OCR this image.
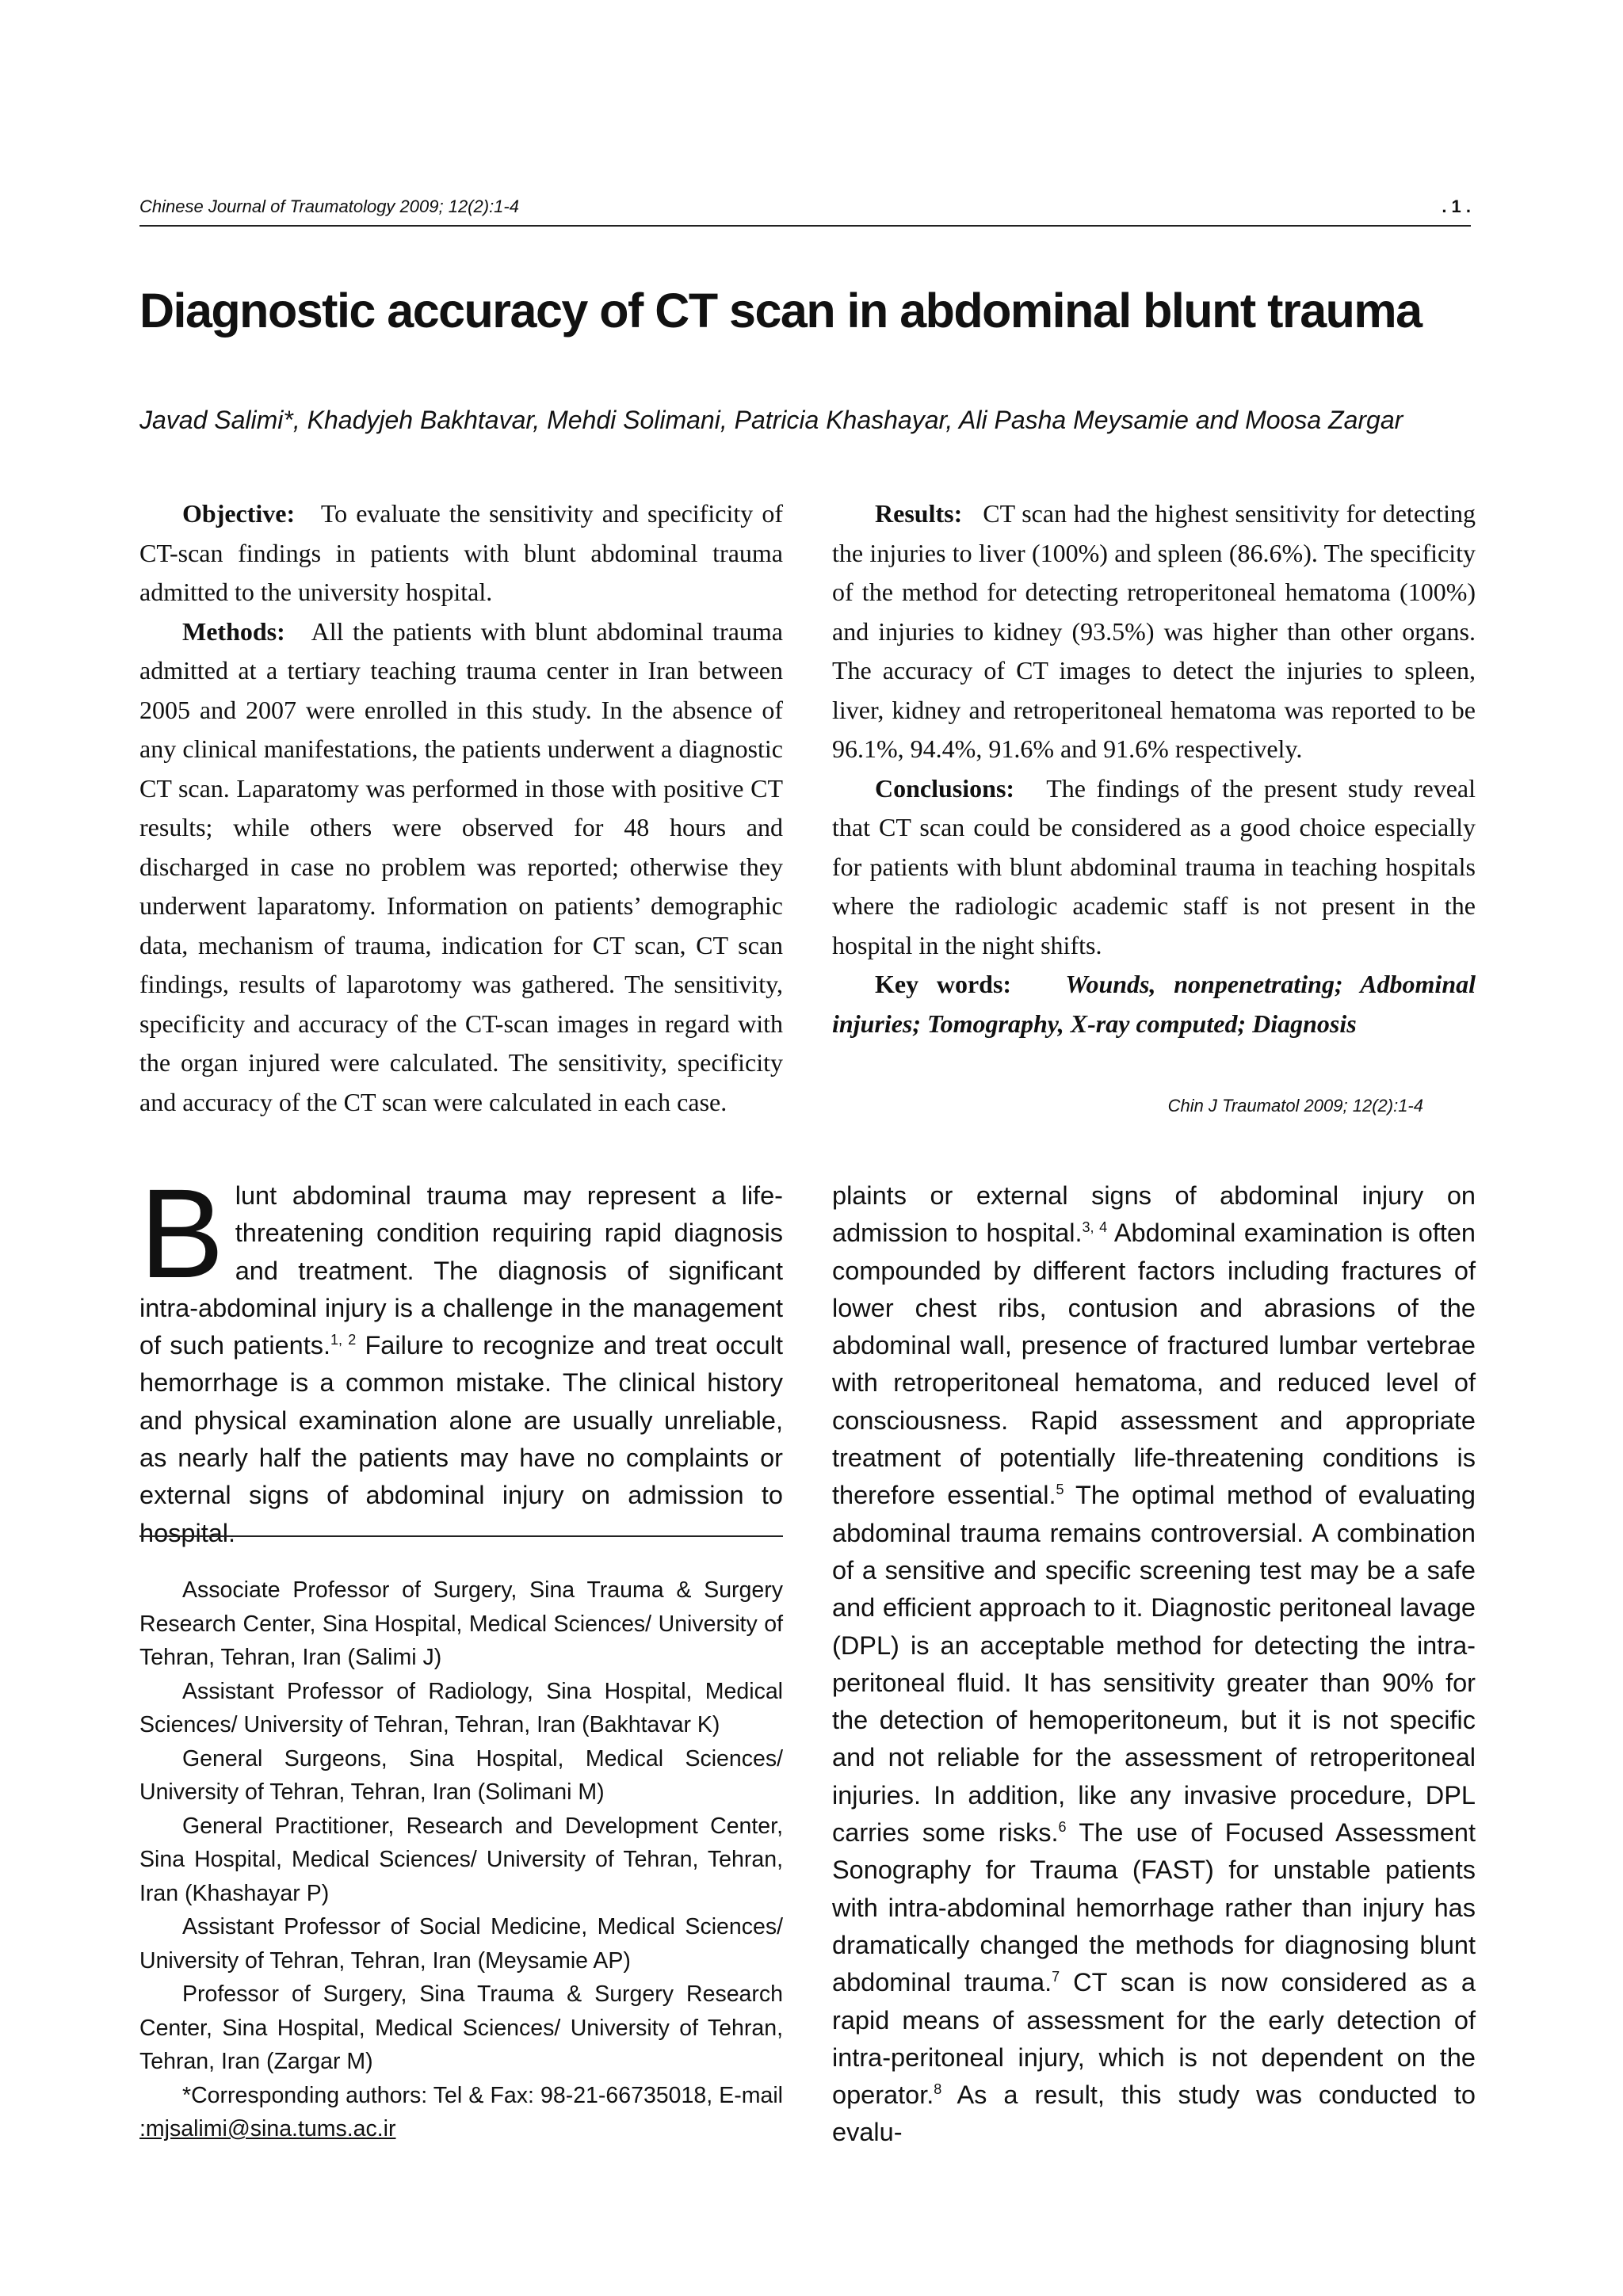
Chinese Journal of Traumatology 2009; 12(2):1-4	. 1 .
Diagnostic accuracy of CT scan in abdominal blunt trauma
Javad Salimi*, Khadyjeh Bakhtavar, Mehdi Solimani, Patricia Khashayar, Ali Pasha Meysamie and Moosa Zargar

Objective: To evaluate the sensitivity and specificity of CT-scan findings in patients with blunt abdominal trauma admitted to the university hospital.

Methods: All the patients with blunt abdominal trauma admitted at a tertiary teaching trauma center in Iran between 2005 and 2007 were enrolled in this study. In the absence of any clinical manifestations, the patients underwent a diagnostic CT scan. Laparatomy was performed in those with positive CT results; while others were observed for 48 hours and discharged in case no problem was reported; otherwise they underwent laparatomy. Information on patients’ demographic data, mechanism of trauma, indication for CT scan, CT scan findings, results of laparotomy was gathered. The sensitivity, specificity and accuracy of the CT-scan images in regard with the organ injured were calculated. The sensitivity, specificity and accuracy of the CT scan were calculated in each case.

Results: CT scan had the highest sensitivity for detecting the injuries to liver (100%) and spleen (86.6%). The specificity of the method for detecting retroperitoneal hematoma (100%) and injuries to kidney (93.5%) was higher than other organs. The accuracy of CT images to detect the injuries to spleen, liver, kidney and retroperitoneal hematoma was reported to be 96.1%, 94.4%, 91.6% and 91.6% respectively.

Conclusions: The findings of the present study reveal that CT scan could be considered as a good choice especially for patients with blunt abdominal trauma in teaching hospitals where the radiologic academic staff is not present in the hospital in the night shifts.

Key words: Wounds, nonpenetrating; Adbominal injuries; Tomography, X-ray computed; Diagnosis

Chin J Traumatol 2009; 12(2):1-4

B lunt abdominal trauma may represent a life-threatening condition requiring rapid diagnosis and treatment. The diagnosis of significant intra-abdominal injury is a challenge in the management of such patients.$^{1, 2}$ Failure to recognize and treat occult hemorrhage is a common mistake. The clinical history and physical examination alone are usually unreliable, as nearly half the patients may have no complaints or external signs of abdominal injury on admission to hospital.

Associate Professor of Surgery, Sina Trauma & Surgery Research Center, Sina Hospital, Medical Sciences/ University of Tehran, Tehran, Iran (Salimi J)

Assistant Professor of Radiology, Sina Hospital, Medical Sciences/ University of Tehran, Tehran, Iran (Bakhtavar K)

General Surgeons, Sina Hospital, Medical Sciences/ University of Tehran, Tehran, Iran (Solimani M)

General Practitioner, Research and Development Center, Sina Hospital, Medical Sciences/ University of Tehran, Tehran, Iran (Khashayar P)

Assistant Professor of Social Medicine, Medical Sciences/ University of Tehran, Tehran, Iran (Meysamie AP)

Professor of Surgery, Sina Trauma & Surgery Research Center, Sina Hospital, Medical Sciences/ University of Tehran, Tehran, Iran (Zargar M)

*Corresponding authors: Tel & Fax: 98-21-66735018, E-mail :mjsalimi@sina.tums.ac.ir

plaints or external signs of abdominal injury on admission to hospital.$^{3, 4}$ Abdominal examination is often compounded by different factors including fractures of lower chest ribs, contusion and abrasions of the abdominal wall, presence of fractured lumbar vertebrae with retroperitoneal hematoma, and reduced level of consciousness. Rapid assessment and appropriate treatment of potentially life-threatening conditions is therefore essential.$^5$ The optimal method of evaluating abdominal trauma remains controversial. A combination of a sensitive and specific screening test may be a safe and efficient approach to it. Diagnostic peritoneal lavage (DPL) is an acceptable method for detecting the intra-peritoneal fluid. It has sensitivity greater than 90% for the detection of hemoperitoneum, but it is not specific and not reliable for the assessment of retroperitoneal injuries. In addition, like any invasive procedure, DPL carries some risks.$^6$ The use of Focused Assessment Sonography for Trauma (FAST) for unstable patients with intra-abdominal hemorrhage rather than injury has dramatically changed the methods for diagnosing blunt abdominal trauma.$^7$ CT scan is now considered as a rapid means of assessment for the early detection of intra-peritoneal injury, which is not dependent on the operator.$^8$ As a result, this study was conducted to evalu-
